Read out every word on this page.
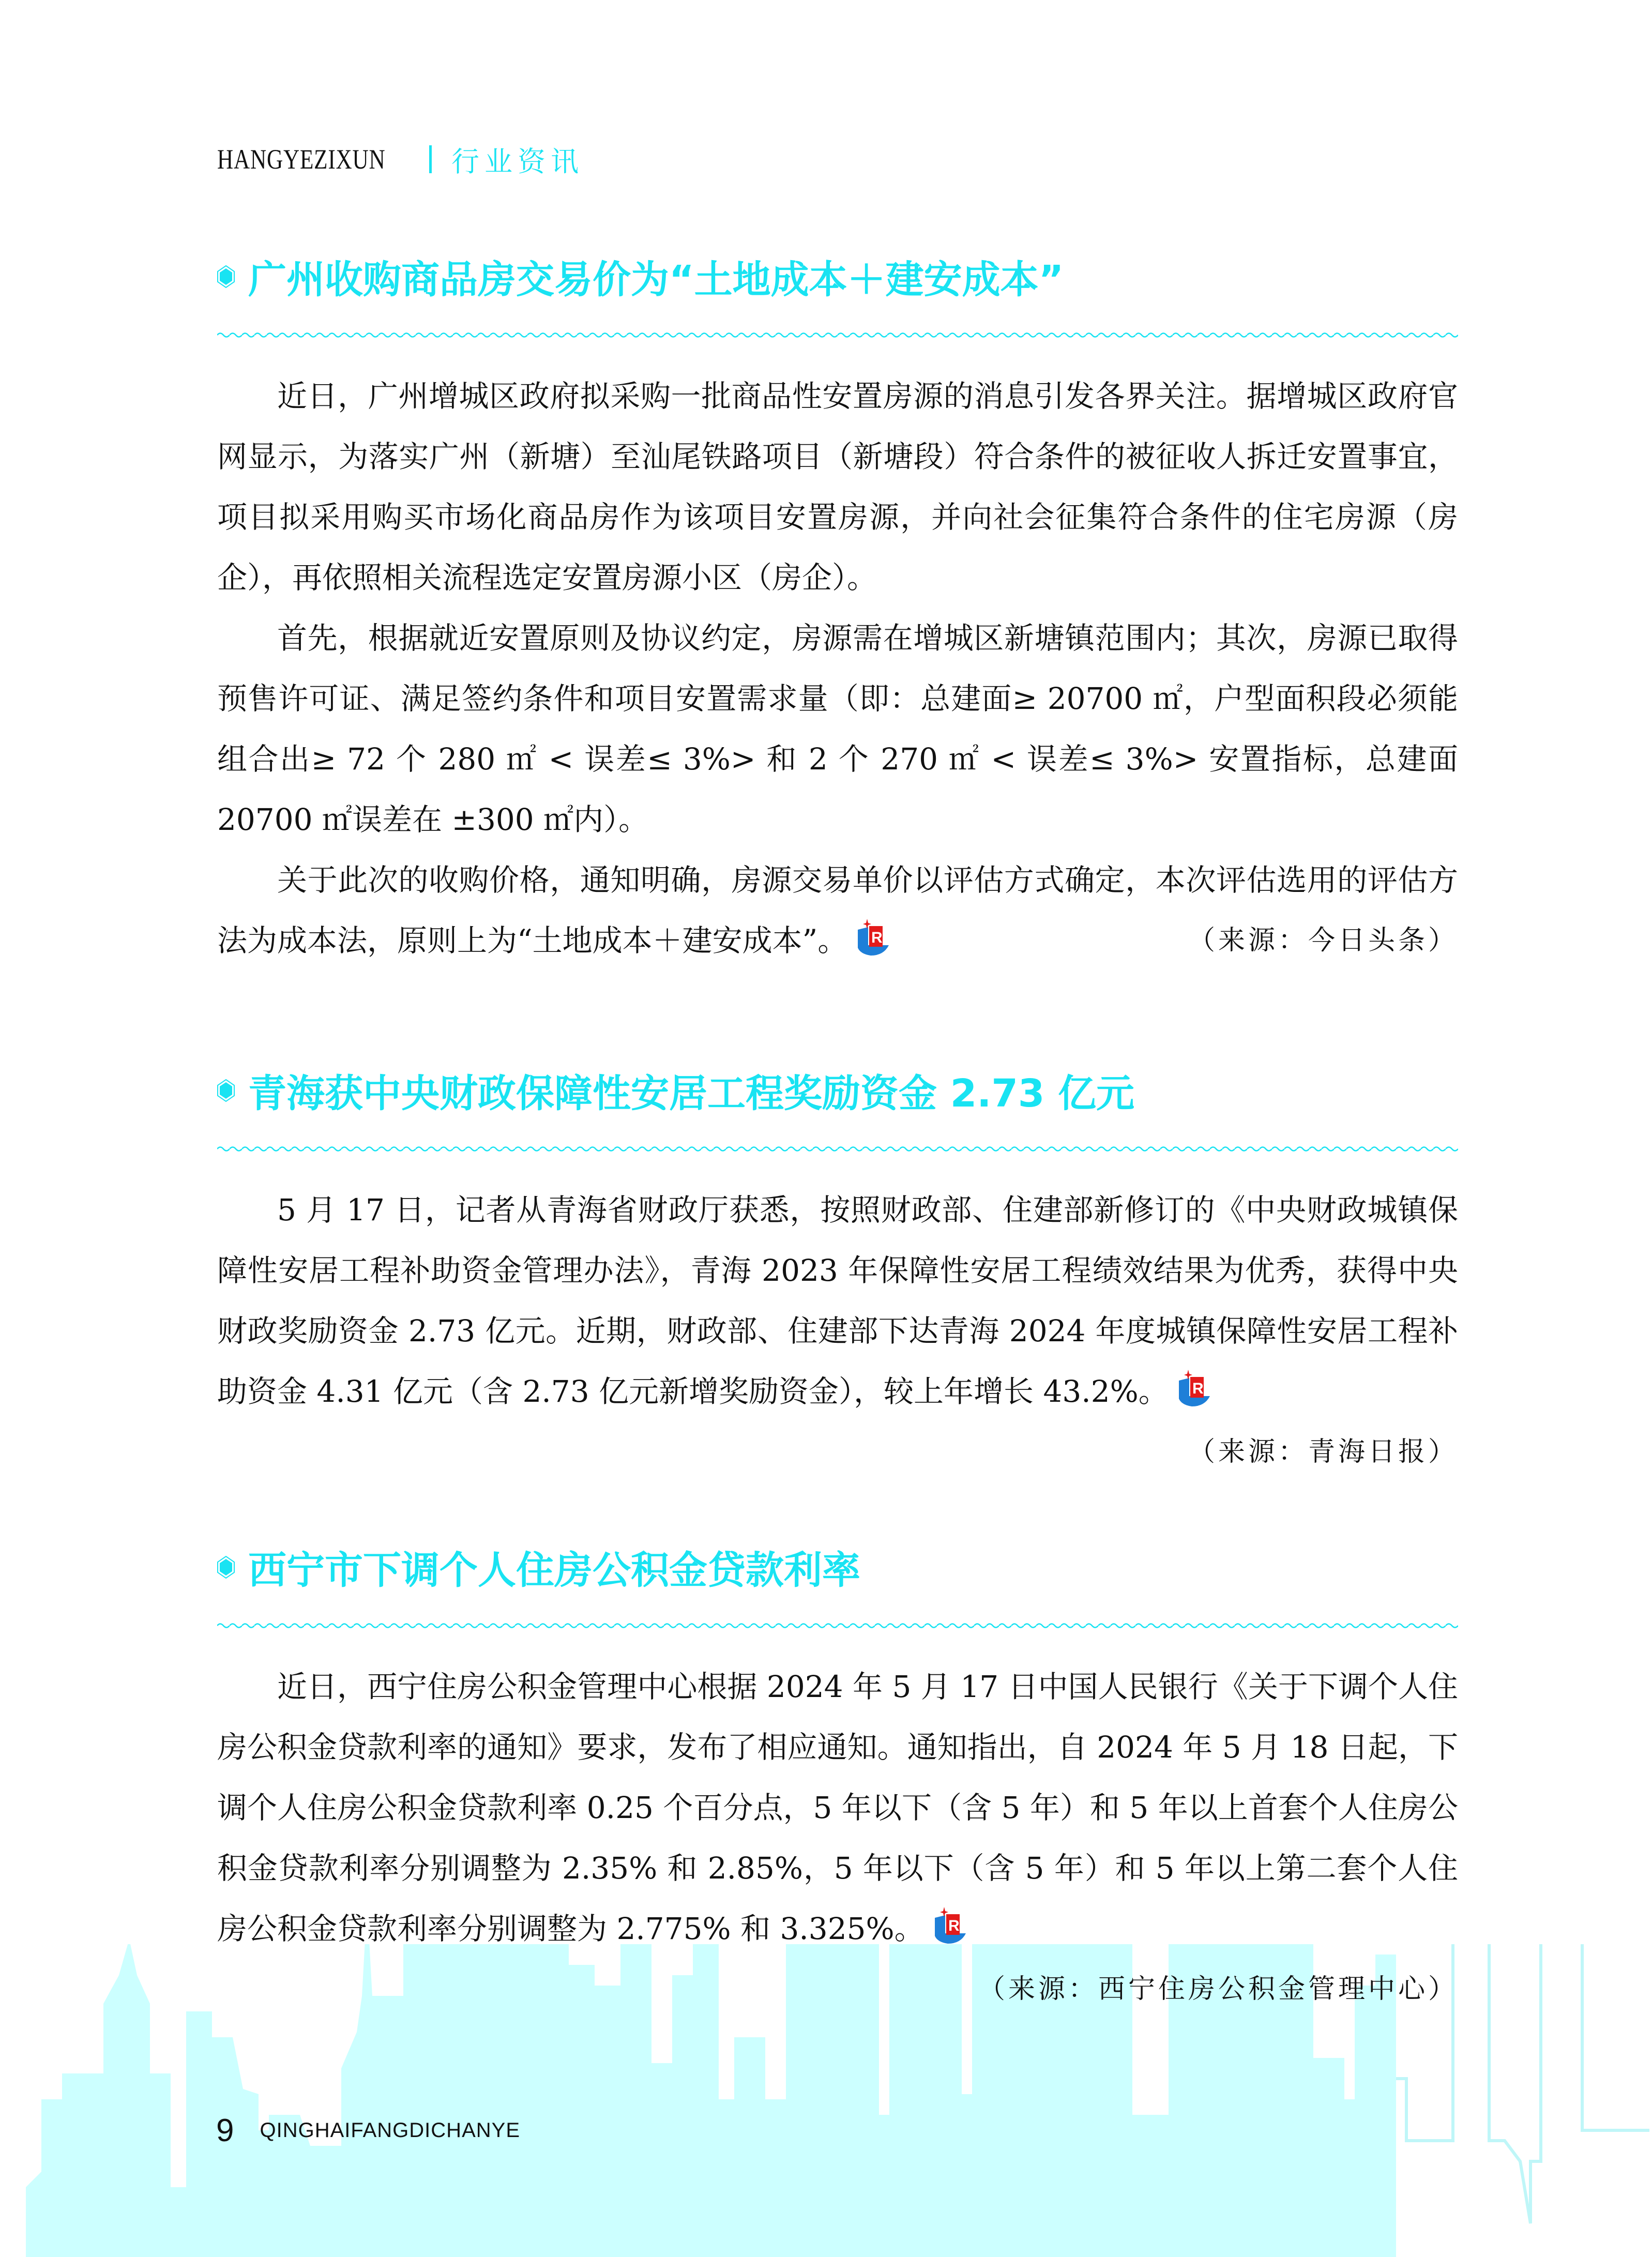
HANGYEZIXUN 行业资讯
广州收购商品房交易价为“土地成本＋建安成本”

近日，广州增城区政府拟采购一批商品性安置房源的消息引发各界关注。据增城区政府官网显示，为落实广州（新塘）至汕尾铁路项目（新塘段）符合条件的被征收人拆迁安置事宜，项目拟采用购买市场化商品房作为该项目安置房源，并向社会征集符合条件的住宅房源（房企），再依照相关流程选定安置房源小区（房企）。

首先，根据就近安置原则及协议约定，房源需在增城区新塘镇范围内；其次，房源已取得预售许可证、满足签约条件和项目安置需求量（即：总建面≥ 20700 ㎡，户型面积段必须能组合出≥ 72 个 280 ㎡ < 误差≤ 3%> 和 2 个 270 ㎡ < 误差≤ 3%> 安置指标，总建面 20700 ㎡误差在 ±300 ㎡内）。

关于此次的收购价格，通知明确，房源交易单价以评估方式确定，本次评估选用的评估方法为成本法，原则上为“土地成本＋建安成本”。 R	（来源：今日头条）

青海获中央财政保障性安居工程奖励资金 2.73 亿元

5 月 17 日，记者从青海省财政厅获悉，按照财政部、住建部新修订的《中央财政城镇保障性安居工程补助资金管理办法》，青海 2023 年保障性安居工程绩效结果为优秀，获得中央财政奖励资金 2.73 亿元。近期，财政部、住建部下达青海 2024 年度城镇保障性安居工程补助资金 4.31 亿元（含 2.73 亿元新增奖励资金），较上年增长 43.2%。 R

（来源：青海日报）
西宁市下调个人住房公积金贷款利率

近日，西宁住房公积金管理中心根据 2024 年 5 月 17 日中国人民银行《关于下调个人住房公积金贷款利率的通知》要求，发布了相应通知。通知指出，自 2024 年 5 月 18 日起，下调个人住房公积金贷款利率 0.25 个百分点，5 年以下（含 5 年）和 5 年以上首套个人住房公积金贷款利率分别调整为 2.35% 和 2.85%，5 年以下（含 5 年）和 5 年以上第二套个人住房公积金贷款利率分别调整为 2.775% 和 3.325%。 R

（来源：西宁住房公积金管理中心）
9 QINGHAIFANGDICHANYE
